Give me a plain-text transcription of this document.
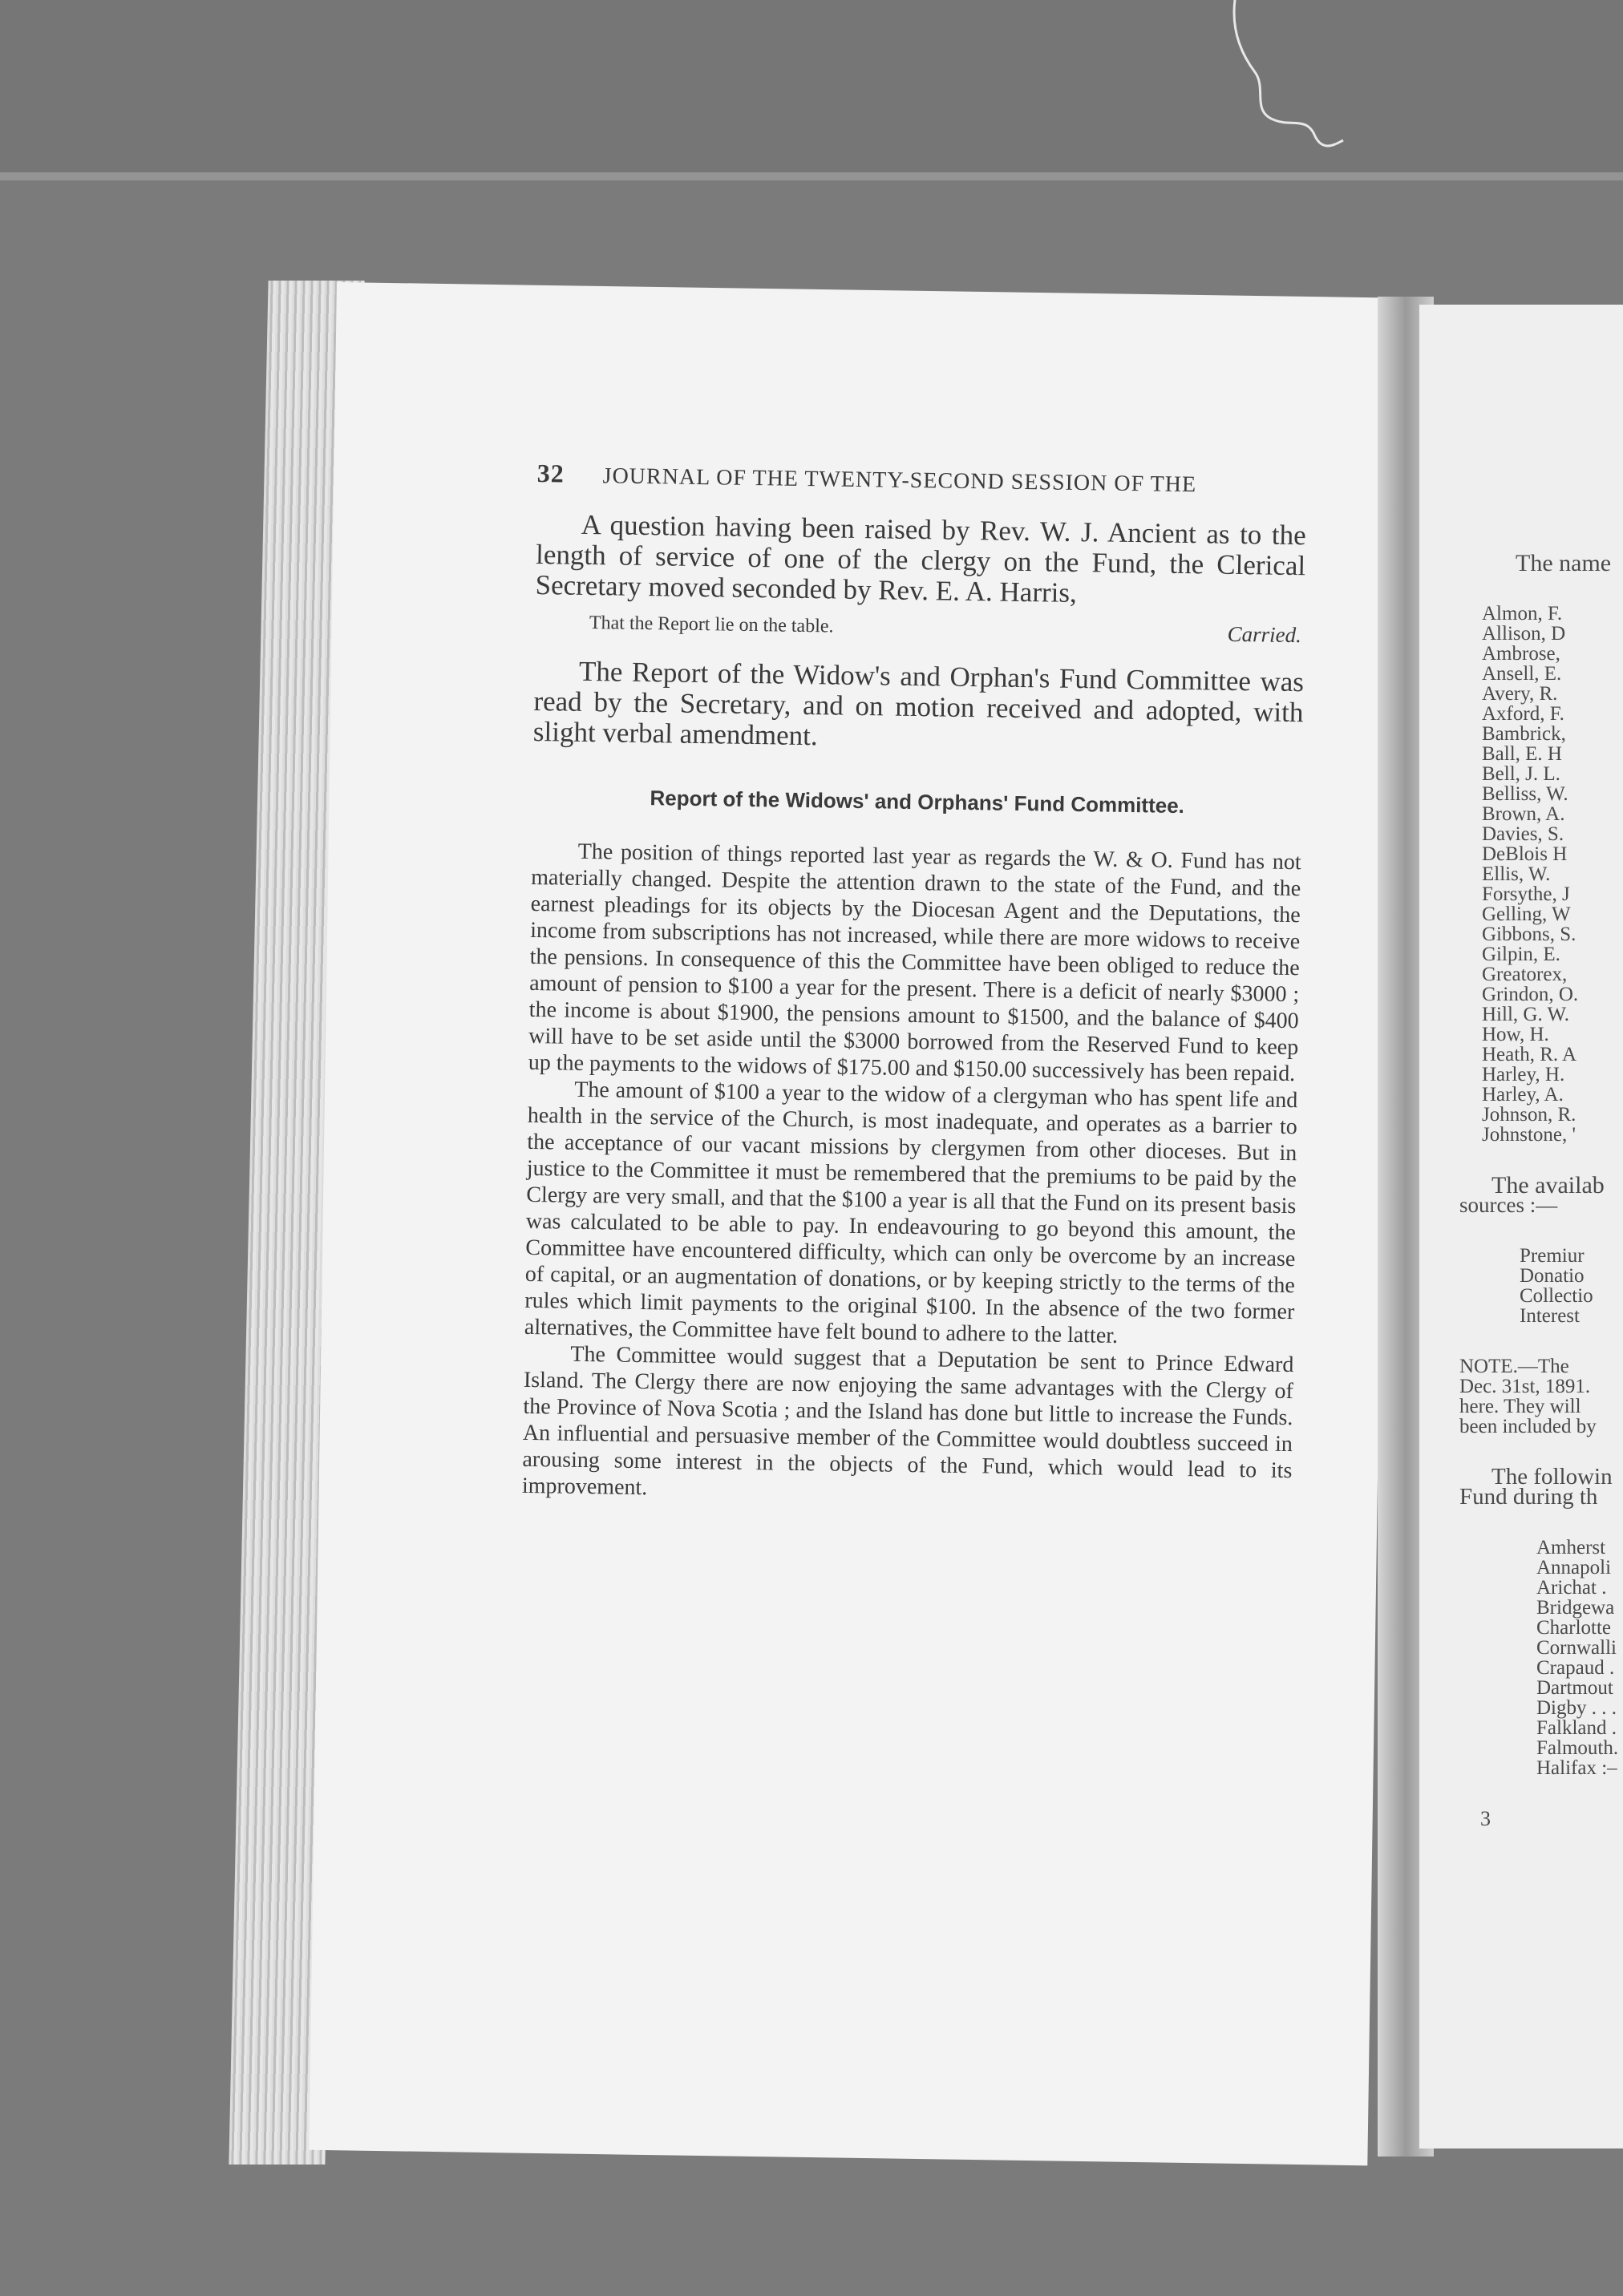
32 JOURNAL OF THE TWENTY-SECOND SESSION OF THE

A question having been raised by Rev. W. J. Ancient as to the length of service of one of the clergy on the Fund, the Clerical Secretary moved seconded by Rev. E. A. Harris,

That the Report lie on the table.	Carried.

The Report of the Widow's and Orphan's Fund Committee was read by the Secretary, and on motion received and adopted, with slight verbal amendment.

Report of the Widows' and Orphans' Fund Committee.

The position of things reported last year as regards the W. & O. Fund has not materially changed. Despite the attention drawn to the state of the Fund, and the earnest pleadings for its objects by the Diocesan Agent and the Deputations, the income from subscriptions has not increased, while there are more widows to receive the pensions. In consequence of this the Committee have been obliged to reduce the amount of pension to $100 a year for the present. There is a deficit of nearly $3000 ; the income is about $1900, the pensions amount to $1500, and the balance of $400 will have to be set aside until the $3000 borrowed from the Reserved Fund to keep up the payments to the widows of $175.00 and $150.00 successively has been repaid.

The amount of $100 a year to the widow of a clergyman who has spent life and health in the service of the Church, is most inadequate, and operates as a barrier to the acceptance of our vacant missions by clergymen from other dioceses. But in justice to the Committee it must be remembered that the premiums to be paid by the Clergy are very small, and that the $100 a year is all that the Fund on its present basis was calculated to be able to pay. In endeavouring to go beyond this amount, the Committee have encountered difficulty, which can only be overcome by an increase of capital, or an augmentation of donations, or by keeping strictly to the terms of the rules which limit payments to the original $100. In the absence of the two former alternatives, the Committee have felt bound to adhere to the latter.

The Committee would suggest that a Deputation be sent to Prince Edward Island. The Clergy there are now enjoying the same advantages with the Clergy of the Province of Nova Scotia ; and the Island has done but little to increase the Funds. An influential and persuasive member of the Committee would doubtless succeed in arousing some interest in the objects of the Fund, which would lead to its improvement.

The name
Almon, F.
Allison, D
Ambrose,
Ansell, E.
Avery, R.
Axford, F.
Bambrick,
Ball, E. H
Bell, J. L.
Belliss, W.
Brown, A.
Davies, S.
DeBlois H
Ellis, W.
Forsythe, J
Gelling, W
Gibbons, S.
Gilpin, E.
Greatorex,
Grindon, O.
Hill, G. W.
How, H.
Heath, R. A
Harley, H.
Harley, A.
Johnson, R.
Johnstone, '
The availab
sources :—
Premiur
Donatio
Collectio
Interest
NOTE.—The
Dec. 31st, 1891.
here. They will
been included by
The followin
Fund during th
Amherst
Annapoli
Arichat .
Bridgewa
Charlotte
Cornwalli
Crapaud .
Dartmout
Digby . . .
Falkland .
Falmouth.
Halifax :–
3
